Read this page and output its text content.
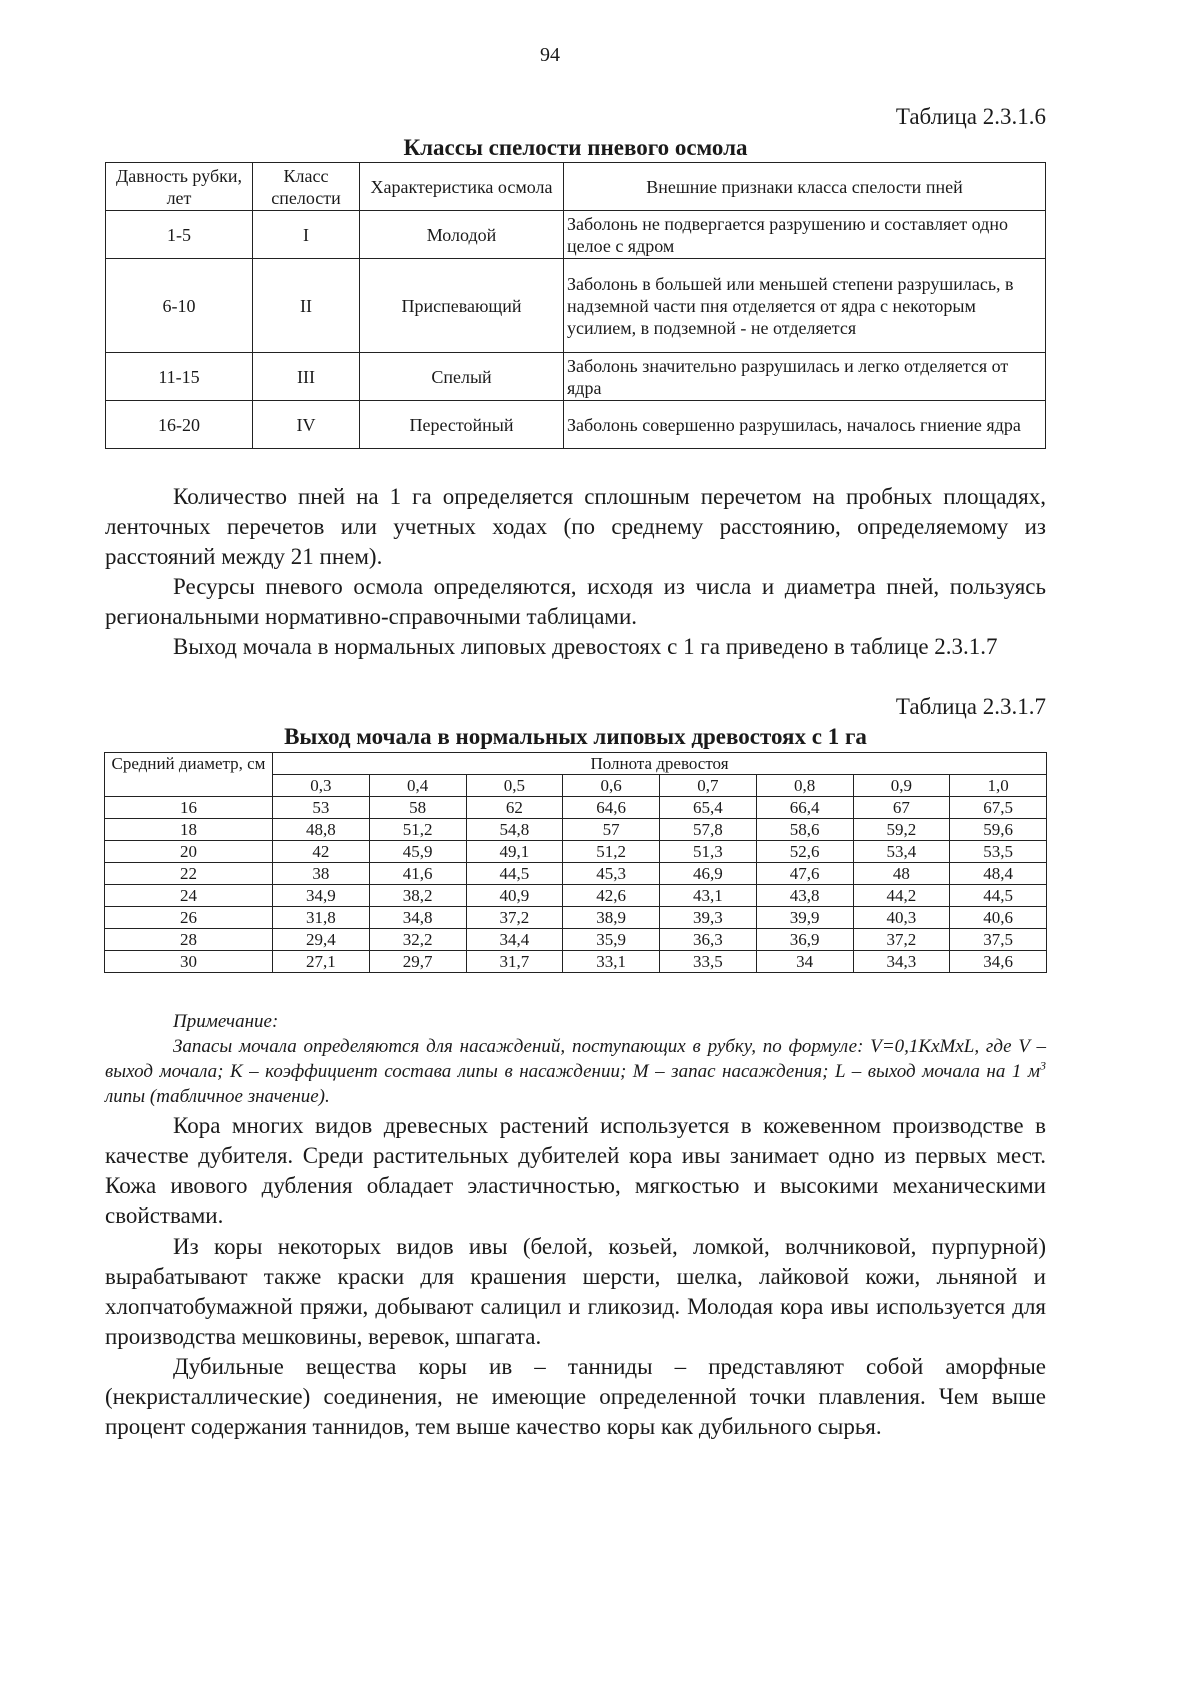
94
Таблица 2.3.1.6
Классы спелости пневого осмола
Давность рубки, лет	Класс спелости	Характеристика осмола	Внешние признаки класса спелости пней
1-5	I	Молодой	Заболонь не подвергается разрушению и составляет одно целое с ядром
6-10	II	Приспевающий	Заболонь в большей или меньшей степени разрушилась, в надземной части пня отделяется от ядра с некоторым усилием, в подземной - не отделяется
11-15	III	Спелый	Заболонь значительно разрушилась и легко отделяется от ядра
16-20	IV	Перестойный	Заболонь совершенно разрушилась, началось гниение ядра

Количество пней на 1 га определяется сплошным перечетом на пробных площадях, ленточных перечетов или учетных ходах (по среднему расстоянию, определяемому из расстояний между 21 пнем).

Ресурсы пневого осмола определяются, исходя из числа и диаметра пней, пользуясь региональными нормативно-справочными таблицами.

Выход мочала в нормальных липовых древостоях с 1 га приведено в таблице 2.3.1.7

Таблица 2.3.1.7
Выход мочала в нормальных липовых древостоях с 1 га
Средний диаметр, см	Полнота древостоя							
	0,3	0,4	0,5	0,6	0,7	0,8	0,9	1,0
16	53	58	62	64,6	65,4	66,4	67	67,5
18	48,8	51,2	54,8	57	57,8	58,6	59,2	59,6
20	42	45,9	49,1	51,2	51,3	52,6	53,4	53,5
22	38	41,6	44,5	45,3	46,9	47,6	48	48,4
24	34,9	38,2	40,9	42,6	43,1	43,8	44,2	44,5
26	31,8	34,8	37,2	38,9	39,3	39,9	40,3	40,6
28	29,4	32,2	34,4	35,9	36,3	36,9	37,2	37,5
30	27,1	29,7	31,7	33,1	33,5	34	34,3	34,6

Примечание:

Запасы мочала определяются для насаждений, поступающих в рубку, по формуле: V=0,1KxMxL, где V – выход мочала; К – коэффициент состава липы в насаждении; М – запас насаждения; L – выход мочала на 1 $м^3$ липы (табличное значение).

Кора многих видов древесных растений используется в кожевенном производстве в качестве дубителя. Среди растительных дубителей кора ивы занимает одно из первых мест. Кожа ивового дубления обладает эластичностью, мягкостью и высокими механическими свойствами.

Из коры некоторых видов ивы (белой, козьей, ломкой, волчниковой, пурпурной) вырабатывают также краски для крашения шерсти, шелка, лайковой кожи, льняной и хлопчатобумажной пряжи, добывают салицил и гликозид. Молодая кора ивы используется для производства мешковины, веревок, шпагата.

Дубильные вещества коры ив – танниды – представляют собой аморфные (некристаллические) соединения, не имеющие определенной точки плавления. Чем выше процент содержания таннидов, тем выше качество коры как дубильного сырья.
